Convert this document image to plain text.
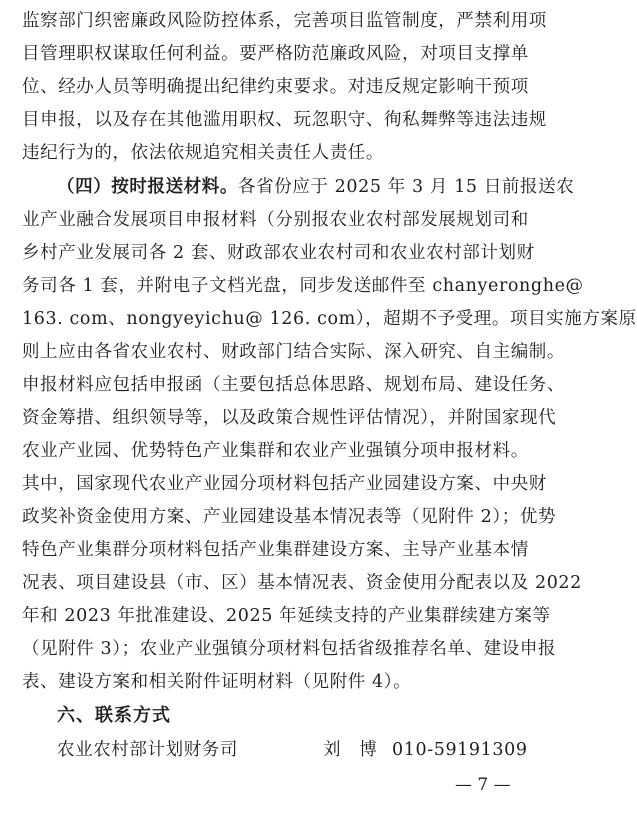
监察部门织密廉政风险防控体系，完善项目监管制度，严禁利用项
目管理职权谋取任何利益。要严格防范廉政风险，对项目支撑单
位、经办人员等明确提出纪律约束要求。对违反规定影响干预项
目申报，以及存在其他滥用职权、玩忽职守、徇私舞弊等违法违规
违纪行为的，依法依规追究相关责任人责任。
（四）按时报送材料。各省份应于 2025 年 3 月 15 日前报送农
业产业融合发展项目申报材料（分别报农业农村部发展规划司和
乡村产业发展司各 2 套、财政部农业农村司和农业农村部计划财
务司各 1 套，并附电子文档光盘，同步发送邮件至 chanyeronghe@
163. com、nongyeyichu@ 126. com），超期不予受理。项目实施方案原
则上应由各省农业农村、财政部门结合实际、深入研究、自主编制。
申报材料应包括申报函（主要包括总体思路、规划布局、建设任务、
资金筹措、组织领导等，以及政策合规性评估情况），并附国家现代
农业产业园、优势特色产业集群和农业产业强镇分项申报材料。
其中，国家现代农业产业园分项材料包括产业园建设方案、中央财
政奖补资金使用方案、产业园建设基本情况表等（见附件 2）；优势
特色产业集群分项材料包括产业集群建设方案、主导产业基本情
况表、项目建设县（市、区）基本情况表、资金使用分配表以及 2022
年和 2023 年批准建设、2025 年延续支持的产业集群续建方案等
（见附件 3）；农业产业强镇分项材料包括省级推荐名单、建设申报
表、建设方案和相关附件证明材料（见附件 4）。
六、联系方式
农业农村部计划财务司	刘　博 010-59191309
— 7 —
